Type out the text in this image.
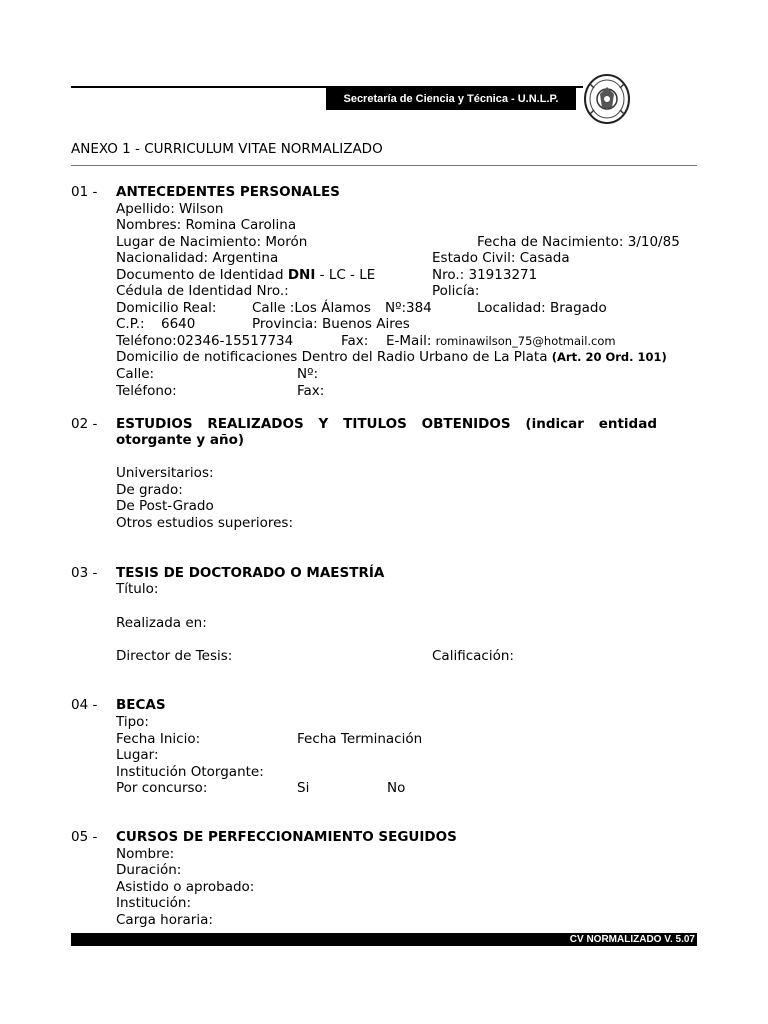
Secretaría de Ciencia y Técnica - U.N.L.P.
ANEXO 1 - CURRICULUM VITAE NORMALIZADO
01 - ANTECEDENTES PERSONALES
Apellido: Wilson
Nombres: Romina Carolina
Lugar de Nacimiento: Morón	Fecha de Nacimiento: 3/10/85
Nacionalidad: Argentina	Estado Civil: Casada
Documento de Identidad DNI - LC - LE	Nro.: 31913271
Cédula de Identidad Nro.:	Policía:
Domicilio Real:	Calle :Los Álamos Nº:384	Localidad: Bragado
C.P.: 6640	Provincia: Buenos Aires
Teléfono:02346-15517734	Fax: E-Mail: rominawilson_75@hotmail.com
Domicilio de notificaciones Dentro del Radio Urbano de La Plata (Art. 20 Ord. 101)
Calle:	Nº:
Teléfono:	Fax:
02 - ESTUDIOS REALIZADOS Y TITULOS OBTENIDOS (indicar entidad
otorgante y año)
Universitarios:
De grado:
De Post-Grado
Otros estudios superiores:
03 - TESIS DE DOCTORADO O MAESTRÍA
Título:
Realizada en:
Director de Tesis:	Calificación:
04 - BECAS
Tipo:
Fecha Inicio:	Fecha Terminación
Lugar:
Institución Otorgante:
Por concurso:	Si	No
05 - CURSOS DE PERFECCIONAMIENTO SEGUIDOS
Nombre:
Duración:
Asistido o aprobado:
Institución:
Carga horaria:
CV NORMALIZADO V. 5.07
